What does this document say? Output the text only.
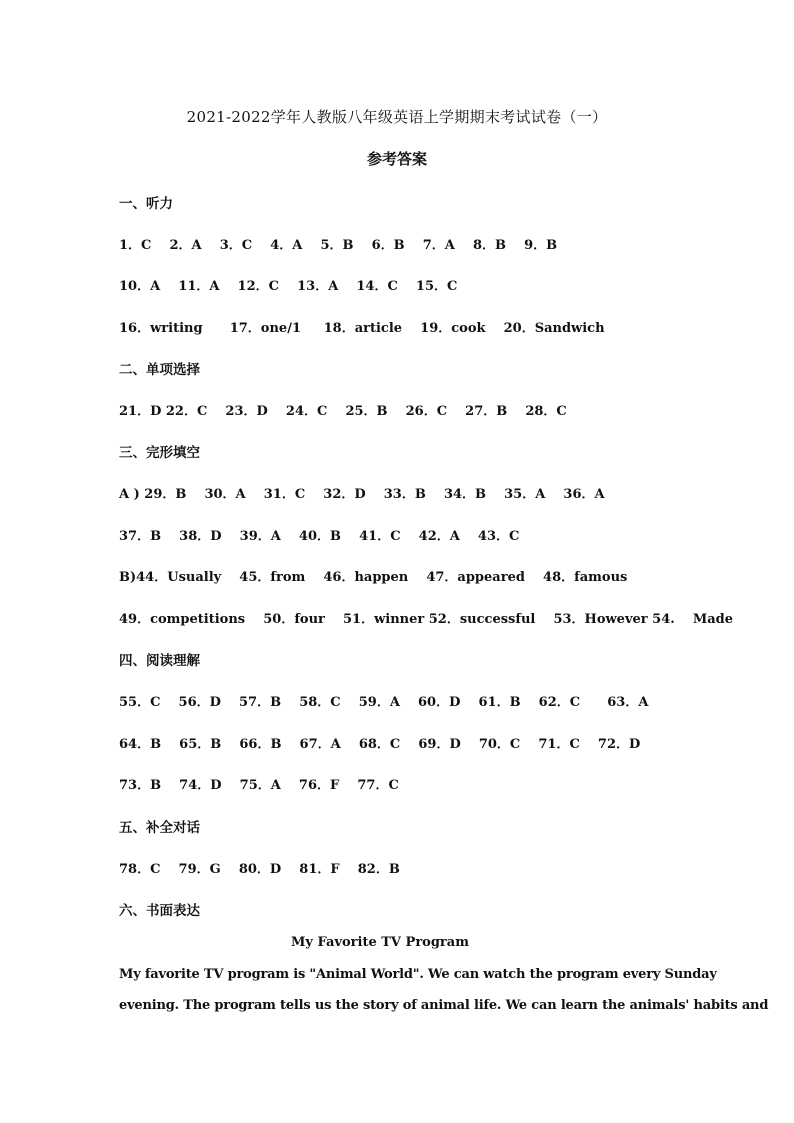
2021-2022学年人教版八年级英语上学期期末考试试卷（一）
参考答案
一、听力
1．C    2．A    3．C    4．A    5．B    6．B    7．A    8．B    9．B
10．A    11．A    12．C    13．A    14．C    15．C
16．writing      17．one/1     18．article    19．cook    20．Sandwich
二、单项选择
21．D 22．C    23．D    24．C    25．B    26．C    27．B    28．C
三、完形填空
A ) 29．B    30．A    31．C    32．D    33．B    34．B    35．A    36．A
37．B    38．D    39．A    40．B    41．C    42．A    43．C
B)44．Usually    45．from    46．happen    47．appeared    48．famous
49．competitions    50．four    51．winner 52．successful    53．However 54.    Made
四、阅读理解
55．C    56．D    57．B    58．C    59．A    60．D    61．B    62．C      63．A
64．B    65．B    66．B    67．A    68．C    69．D    70．C    71．C    72．D
73．B    74．D    75．A    76．F    77．C
五、补全对话
78．C    79．G    80．D    81．F    82．B
六、书面表达
My Favorite TV Program
My favorite TV program is "Animal World". We can watch the program every Sunday
evening. The program tells us the story of animal life. We can learn the animals' habits and
